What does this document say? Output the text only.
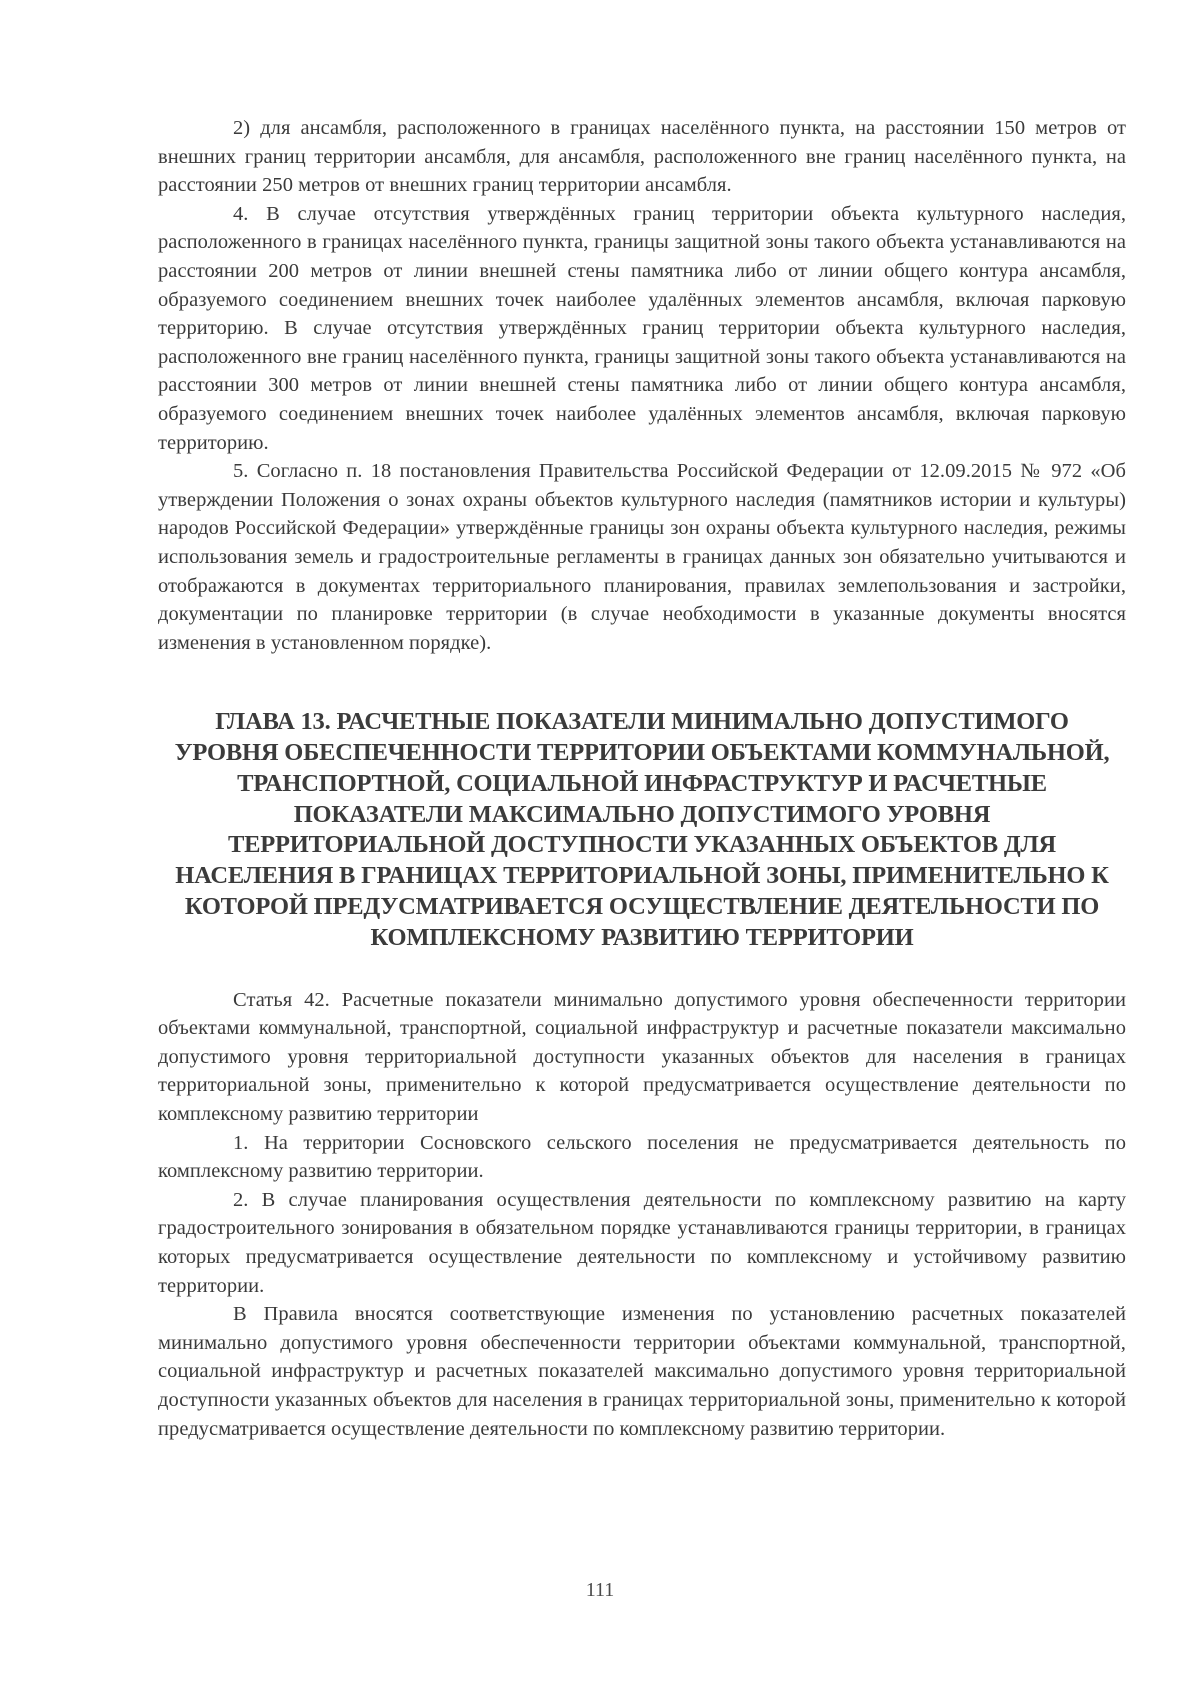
2) для ансамбля, расположенного в границах населённого пункта, на расстоянии 150 метров от внешних границ территории ансамбля, для ансамбля, расположенного вне границ населённого пункта, на расстоянии 250 метров от внешних границ территории ансамбля.

4. В случае отсутствия утверждённых границ территории объекта культурного наследия, расположенного в границах населённого пункта, границы защитной зоны такого объекта устанавливаются на расстоянии 200 метров от линии внешней стены памятника либо от линии общего контура ансамбля, образуемого соединением внешних точек наиболее удалённых элементов ансамбля, включая парковую территорию. В случае отсутствия утверждённых границ территории объекта культурного наследия, расположенного вне границ населённого пункта, границы защитной зоны такого объекта устанавливаются на расстоянии 300 метров от линии внешней стены памятника либо от линии общего контура ансамбля, образуемого соединением внешних точек наиболее удалённых элементов ансамбля, включая парковую территорию.

5. Согласно п. 18 постановления Правительства Российской Федерации от 12.09.2015 № 972 «Об утверждении Положения о зонах охраны объектов культурного наследия (памятников истории и культуры) народов Российской Федерации» утверждённые границы зон охраны объекта культурного наследия, режимы использования земель и градостроительные регламенты в границах данных зон обязательно учитываются и отображаются в документах территориального планирования, правилах землепользования и застройки, документации по планировке территории (в случае необходимости в указанные документы вносятся изменения в установленном порядке).

ГЛАВА 13. РАСЧЕТНЫЕ ПОКАЗАТЕЛИ МИНИМАЛЬНО ДОПУСТИМОГО УРОВНЯ ОБЕСПЕЧЕННОСТИ ТЕРРИТОРИИ ОБЪЕКТАМИ КОММУНАЛЬНОЙ, ТРАНСПОРТНОЙ, СОЦИАЛЬНОЙ ИНФРАСТРУКТУР И РАСЧЕТНЫЕ ПОКАЗАТЕЛИ МАКСИМАЛЬНО ДОПУСТИМОГО УРОВНЯ ТЕРРИТОРИАЛЬНОЙ ДОСТУПНОСТИ УКАЗАННЫХ ОБЪЕКТОВ ДЛЯ НАСЕЛЕНИЯ В ГРАНИЦАХ ТЕРРИТОРИАЛЬНОЙ ЗОНЫ, ПРИМЕНИТЕЛЬНО К КОТОРОЙ ПРЕДУСМАТРИВАЕТСЯ ОСУЩЕСТВЛЕНИЕ ДЕЯТЕЛЬНОСТИ ПО КОМПЛЕКСНОМУ РАЗВИТИЮ ТЕРРИТОРИИ

Статья 42. Расчетные показатели минимально допустимого уровня обеспеченности территории объектами коммунальной, транспортной, социальной инфраструктур и расчетные показатели максимально допустимого уровня территориальной доступности указанных объектов для населения в границах территориальной зоны, применительно к которой предусматривается осуществление деятельности по комплексному развитию территории

1. На территории Сосновского сельского поселения не предусматривается деятельность по комплексному развитию территории.

2. В случае планирования осуществления деятельности по комплексному развитию на карту градостроительного зонирования в обязательном порядке устанавливаются границы территории, в границах которых предусматривается осуществление деятельности по комплексному и устойчивому развитию территории.

В Правила вносятся соответствующие изменения по установлению расчетных показателей минимально допустимого уровня обеспеченности территории объектами коммунальной, транспортной, социальной инфраструктур и расчетных показателей максимально допустимого уровня территориальной доступности указанных объектов для населения в границах территориальной зоны, применительно к которой предусматривается осуществление деятельности по комплексному развитию территории.

111
